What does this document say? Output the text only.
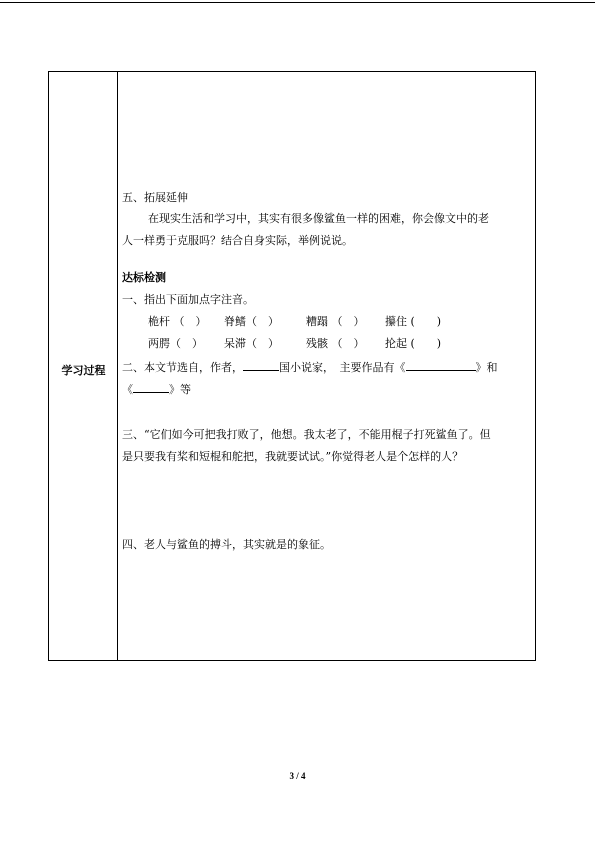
学习过程
五、拓展延伸
在现实生活和学习中，其实有很多像鲨鱼一样的困难，你会像文中的老
人一样勇于克服吗？结合自身实际，举例说说。
达标检测
一、指出下面加点字注音。
桅杆 （　） 脊鳍（　） 糟蹋 （　） 攥住 (　　)
两腭（　） 呆滞（　） 残骸 （　） 抡起 (　　)
二、本文节选自，作者，	国小说家，　主要作品有《	》和
《	》等
三、“它们如今可把我打败了，他想。我太老了，不能用棍子打死鲨鱼了。但
是只要我有桨和短棍和舵把，我就要试试。”你觉得老人是个怎样的人？
四、老人与鲨鱼的搏斗，其实就是的象征。
3 / 4
